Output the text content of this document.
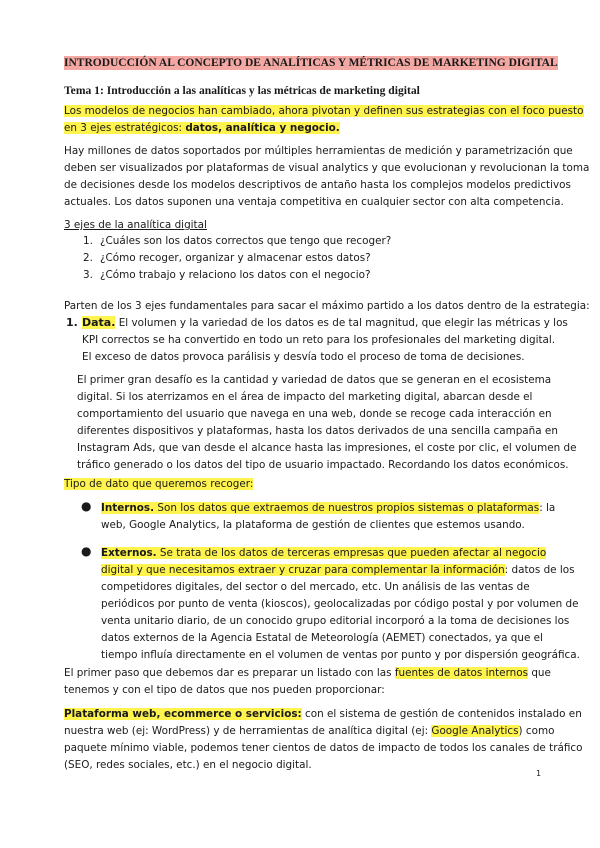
INTRODUCCIÓN AL CONCEPTO DE ANALÍTICAS Y MÉTRICAS DE MARKETING DIGITAL
Tema 1: Introducción a las analíticas y las métricas de marketing digital
Los modelos de negocios han cambiado, ahora pivotan y definen sus estrategias con el foco puesto
en 3 ejes estratégicos: datos, analítica y negocio.
Hay millones de datos soportados por múltiples herramientas de medición y parametrización que
deben ser visualizados por plataformas de visual analytics y que evolucionan y revolucionan la toma
de decisiones desde los modelos descriptivos de antaño hasta los complejos modelos predictivos
actuales. Los datos suponen una ventaja competitiva en cualquier sector con alta competencia.
3 ejes de la analítica digital
1. ¿Cuáles son los datos correctos que tengo que recoger?
2. ¿Cómo recoger, organizar y almacenar estos datos?
3. ¿Cómo trabajo y relaciono los datos con el negocio?
Parten de los 3 ejes fundamentales para sacar el máximo partido a los datos dentro de la estrategia:
1. Data. El volumen y la variedad de los datos es de tal magnitud, que elegir las métricas y los
KPI correctos se ha convertido en todo un reto para los profesionales del marketing digital.
El exceso de datos provoca parálisis y desvía todo el proceso de toma de decisiones.
El primer gran desafío es la cantidad y variedad de datos que se generan en el ecosistema
digital. Si los aterrizamos en el área de impacto del marketing digital, abarcan desde el
comportamiento del usuario que navega en una web, donde se recoge cada interacción en
diferentes dispositivos y plataformas, hasta los datos derivados de una sencilla campaña en
Instagram Ads, que van desde el alcance hasta las impresiones, el coste por clic, el volumen de
tráfico generado o los datos del tipo de usuario impactado. Recordando los datos económicos.
Tipo de dato que queremos recoger:
● Internos. Son los datos que extraemos de nuestros propios sistemas o plataformas: la
web, Google Analytics, la plataforma de gestión de clientes que estemos usando.
● Externos. Se trata de los datos de terceras empresas que pueden afectar al negocio
digital y que necesitamos extraer y cruzar para complementar la información: datos de los
competidores digitales, del sector o del mercado, etc. Un análisis de las ventas de
periódicos por punto de venta (kioscos), geolocalizadas por código postal y por volumen de
venta unitario diario, de un conocido grupo editorial incorporó a la toma de decisiones los
datos externos de la Agencia Estatal de Meteorología (AEMET) conectados, ya que el
tiempo influía directamente en el volumen de ventas por punto y por dispersión geográfica.
El primer paso que debemos dar es preparar un listado con las fuentes de datos internos que
tenemos y con el tipo de datos que nos pueden proporcionar:
Plataforma web, ecommerce o servicios: con el sistema de gestión de contenidos instalado en
nuestra web (ej: WordPress) y de herramientas de analítica digital (ej: Google Analytics) como
paquete mínimo viable, podemos tener cientos de datos de impacto de todos los canales de tráfico
(SEO, redes sociales, etc.) en el negocio digital.
1
